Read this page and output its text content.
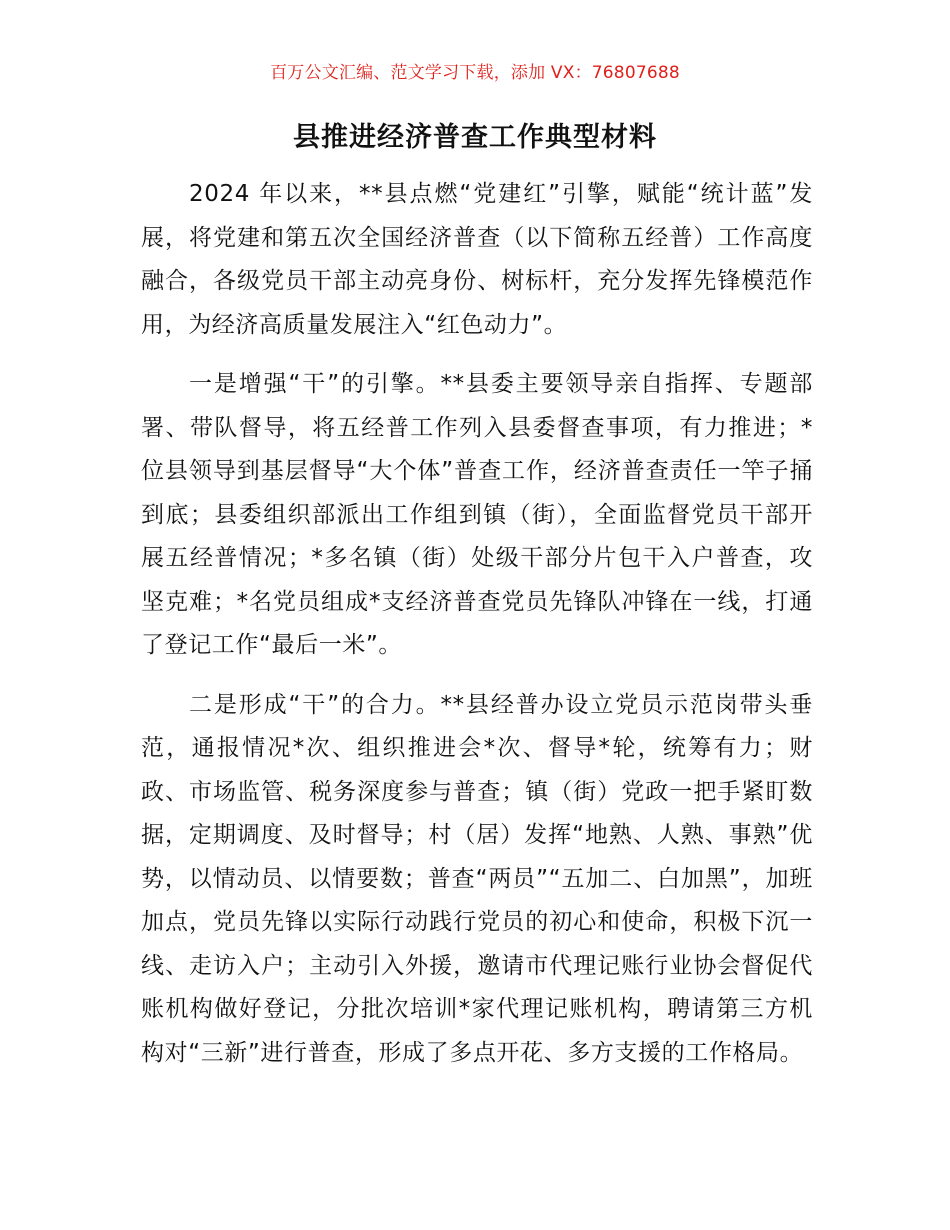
百万公文汇编、范文学习下载，添加 VX：76807688
县推进经济普查工作典型材料

2024 年以来，**县点燃“党建红”引擎，赋能“统计蓝”发展，将党建和第五次全国经济普查（以下简称五经普）工作高度融合，各级党员干部主动亮身份、树标杆，充分发挥先锋模范作用，为经济高质量发展注入“红色动力”。

一是增强“干”的引擎。**县委主要领导亲自指挥、专题部署、带队督导，将五经普工作列入县委督查事项，有力推进；*位县领导到基层督导“大个体”普查工作，经济普查责任一竿子捅到底；县委组织部派出工作组到镇（街），全面监督党员干部开展五经普情况；*多名镇（街）处级干部分片包干入户普查，攻坚克难；*名党员组成*支经济普查党员先锋队冲锋在一线，打通了登记工作“最后一米”。

二是形成“干”的合力。**县经普办设立党员示范岗带头垂范，通报情况*次、组织推进会*次、督导*轮，统筹有力；财政、市场监管、税务深度参与普查；镇（街）党政一把手紧盯数据，定期调度、及时督导；村（居）发挥“地熟、人熟、事熟”优势，以情动员、以情要数；普查“两员”“五加二、白加黑”，加班加点，党员先锋以实际行动践行党员的初心和使命，积极下沉一线、走访入户；主动引入外援，邀请市代理记账行业协会督促代账机构做好登记，分批次培训*家代理记账机构，聘请第三方机构对“三新”进行普查，形成了多点开花、多方支援的工作格局。
